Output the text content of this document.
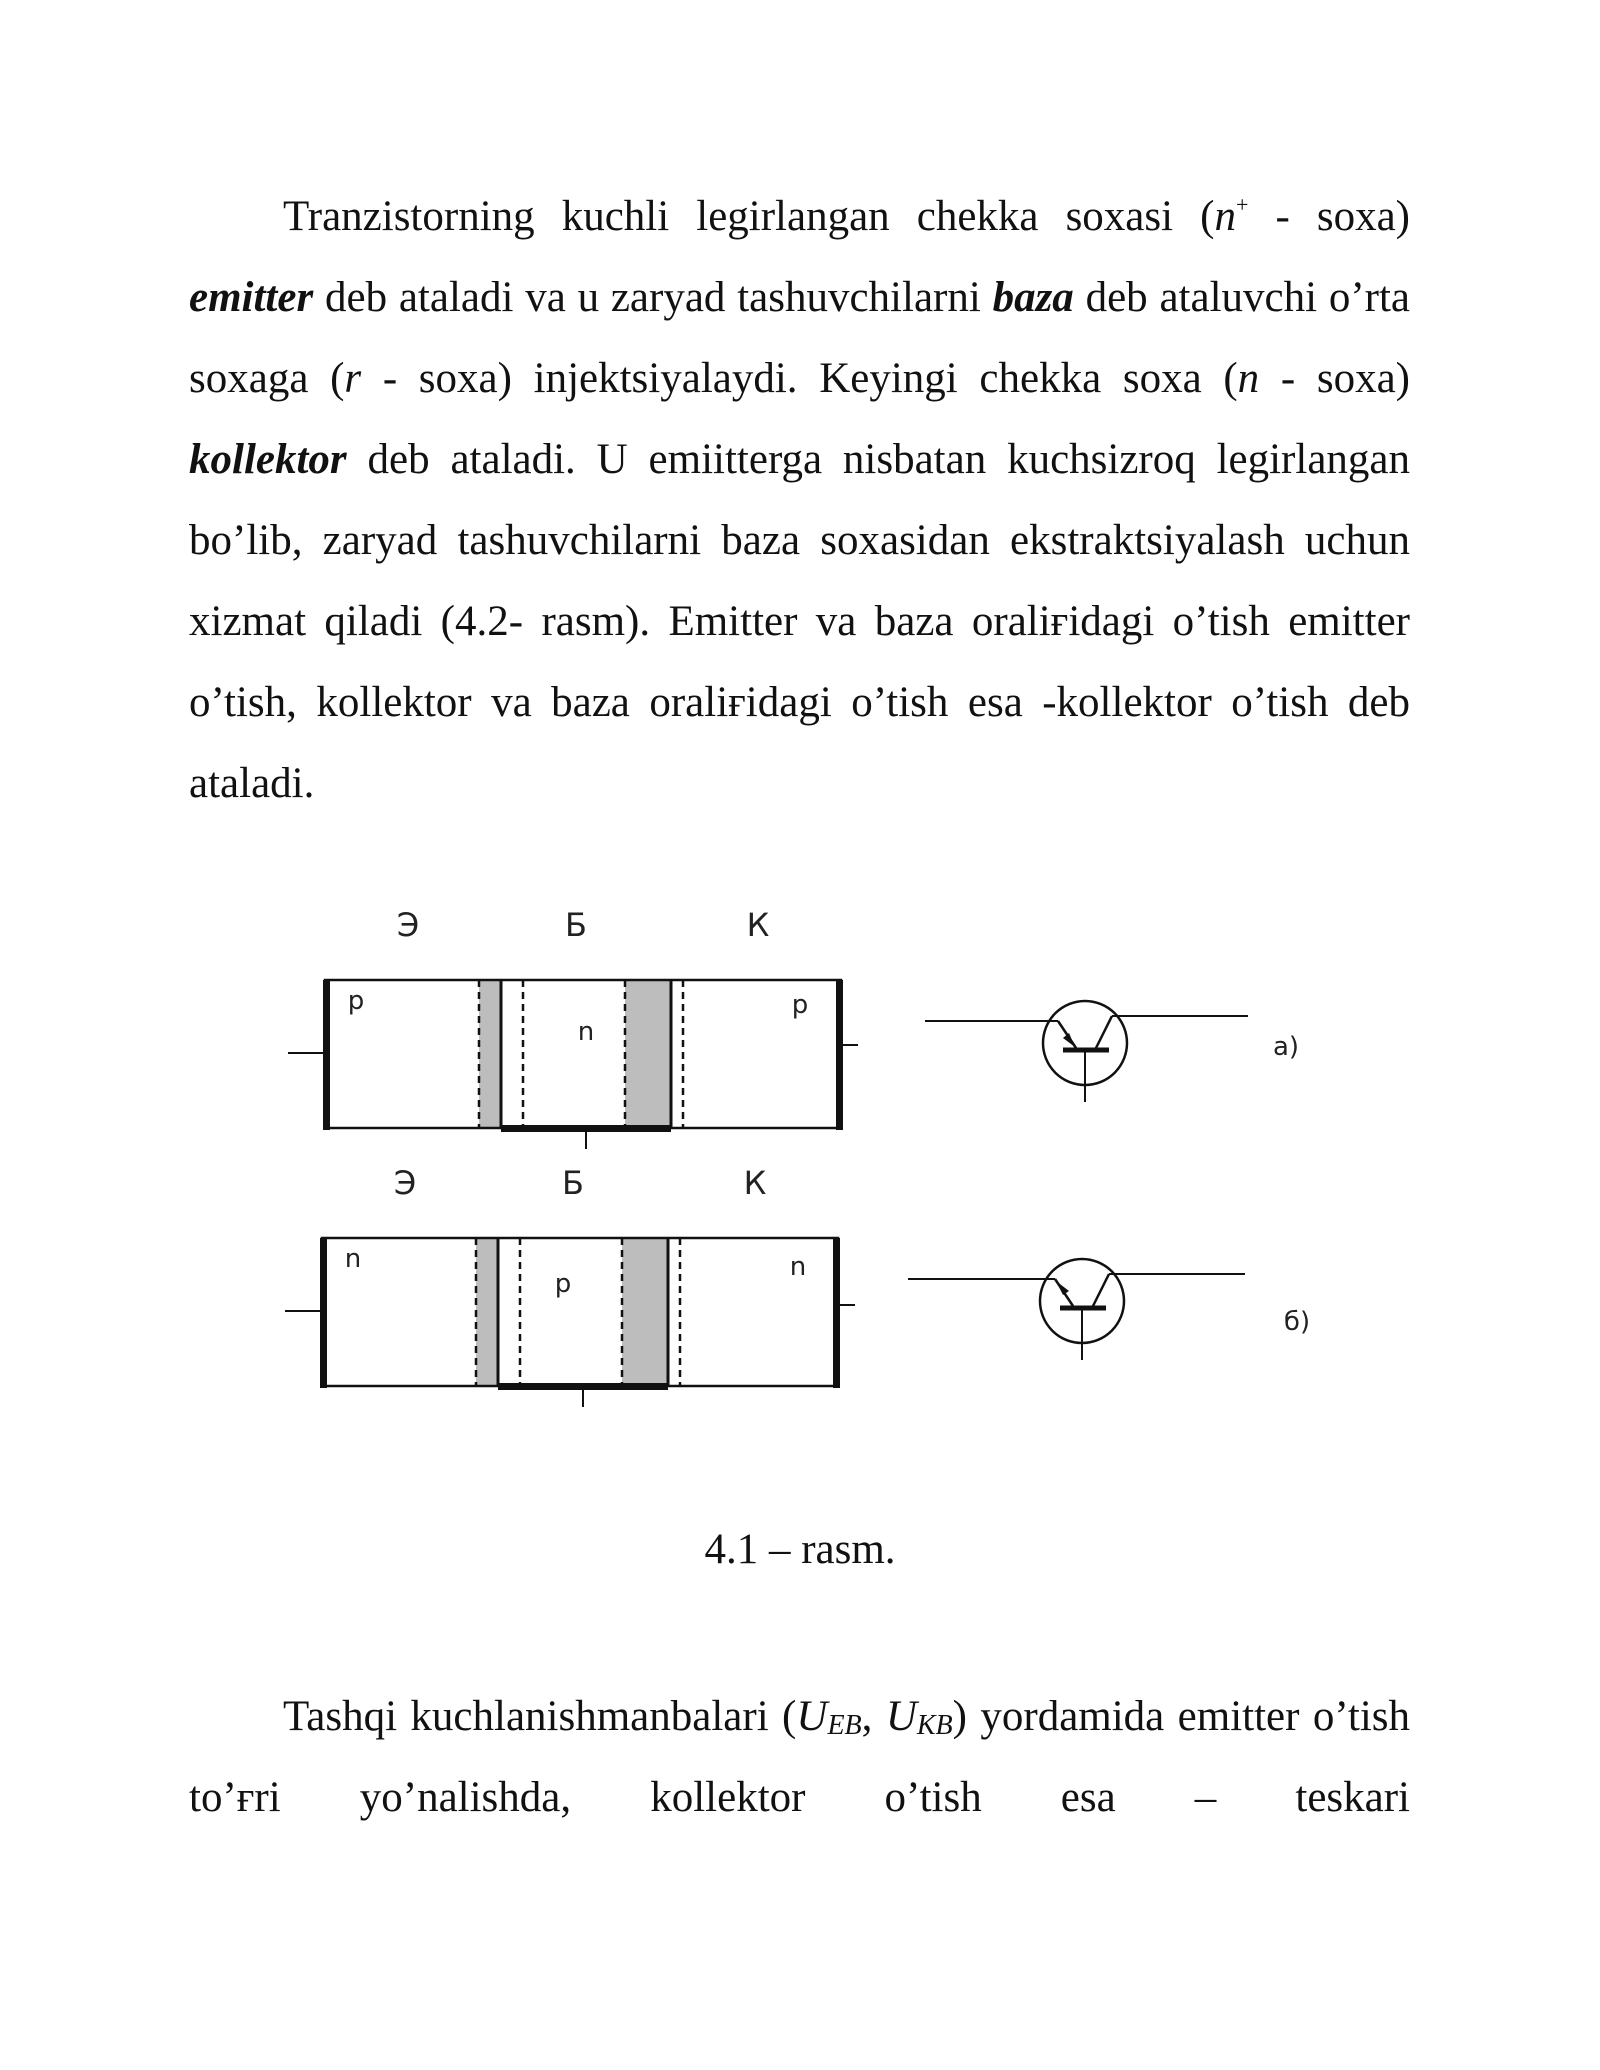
Tranzistorning kuchli legirlangan chekka soxasi (n+ - soxa) emitter deb ataladi va u zaryad tashuvchilarni baza deb ataluvchi o’rta soxaga (r - soxa) injektsiyalaydi. Keyingi chekka soxa (n - soxa) kollektor deb ataladi. U emiitterga nisbatan kuchsizroq legirlangan bo’lib, zaryad tashuvchilarni baza soxasidan ekstraktsiyalash uchun xizmat qiladi (4.2- rasm). Emitter va baza oraliғidagi o’tish emitter o’tish, kollektor va baza oraliғidagi o’tish esa -kollektor o’tish deb ataladi.

Э	Б	К
p
n
p
а)
Э	Б	К
n
p
n
б)
4.1 – rasm.

Tashqi kuchlanishmanbalari ($U_{EB}$, $U_{KB}$) yordamida emitter o’tish to’ғri yo’nalishda, kollektor o’tish esa – teskari
